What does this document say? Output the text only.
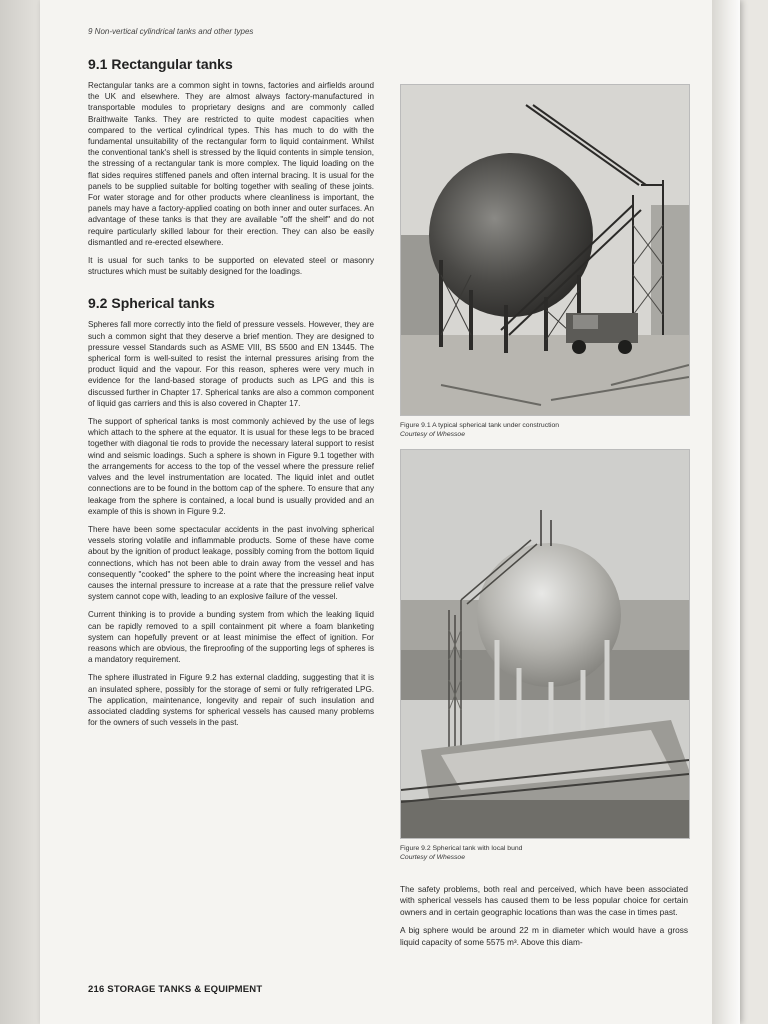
9 Non-vertical cylindrical tanks and other types
9.1 Rectangular tanks

Rectangular tanks are a common sight in towns, factories and airfields around the UK and elsewhere. They are almost always factory-manufactured in transportable modules to proprietary designs and are commonly called Braithwaite Tanks. They are restricted to quite modest capacities when compared to the vertical cylindrical types. This has much to do with the fundamental unsuitability of the rectangular form to liquid containment. Whilst the conventional tank's shell is stressed by the liquid contents in simple tension, the stressing of a rectangular tank is more complex. The liquid loading on the flat sides requires stiffened panels and often internal bracing. It is usual for the panels to be supplied suitable for bolting together with sealing of these joints. For water storage and for other products where cleanliness is important, the panels may have a factory-applied coating on both inner and outer surfaces. An advantage of these tanks is that they are available "off the shelf" and do not require particularly skilled labour for their erection. They can also be easily dismantled and re-erected elsewhere.

It is usual for such tanks to be supported on elevated steel or masonry structures which must be suitably designed for the loadings.

9.2 Spherical tanks

Spheres fall more correctly into the field of pressure vessels. However, they are such a common sight that they deserve a brief mention. They are designed to pressure vessel Standards such as ASME VIII, BS 5500 and EN 13445. The spherical form is well-suited to resist the internal pressures arising from the product liquid and the vapour. For this reason, spheres were very much in evidence for the land-based storage of products such as LPG and this is discussed further in Chapter 17. Spherical tanks are also a common component of liquid gas carriers and this is also covered in Chapter 17.

The support of spherical tanks is most commonly achieved by the use of legs which attach to the sphere at the equator. It is usual for these legs to be braced together with diagonal tie rods to provide the necessary lateral support to resist wind and seismic loadings. Such a sphere is shown in Figure 9.1 together with the arrangements for access to the top of the vessel where the pressure relief valves and the level instrumentation are located. The liquid inlet and outlet connections are to be found in the bottom cap of the sphere. To ensure that any leakage from the sphere is contained, a local bund is usually provided and an example of this is shown in Figure 9.2.

There have been some spectacular accidents in the past involving spherical vessels storing volatile and inflammable products. Some of these have come about by the ignition of product leakage, possibly coming from the bottom liquid connections, which has not been able to drain away from the vessel and has consequently "cooked" the sphere to the point where the increasing heat input causes the internal pressure to increase at a rate that the pressure relief valve system cannot cope with, leading to an explosive failure of the vessel.

Current thinking is to provide a bunding system from which the leaking liquid can be rapidly removed to a spill containment pit where a foam blanketing system can hopefully prevent or at least minimise the effect of ignition. For reasons which are obvious, the fireproofing of the supporting legs of spheres is a mandatory requirement.

The sphere illustrated in Figure 9.2 has external cladding, suggesting that it is an insulated sphere, possibly for the storage of semi or fully refrigerated LPG. The application, maintenance, longevity and repair of such insulation and associated cladding systems for spherical vessels has caused many problems for the owners of such vessels in the past.

Figure 9.1 A typical spherical tank under construction
Courtesy of Whessoe
Figure 9.2 Spherical tank with local bund
Courtesy of Whessoe

The safety problems, both real and perceived, which have been associated with spherical vessels has caused them to be less popular choice for certain owners and in certain geographic locations than was the case in times past.

A big sphere would be around 22 m in diameter which would have a gross liquid capacity of some 5575 m³. Above this diam-

216 STORAGE TANKS & EQUIPMENT
